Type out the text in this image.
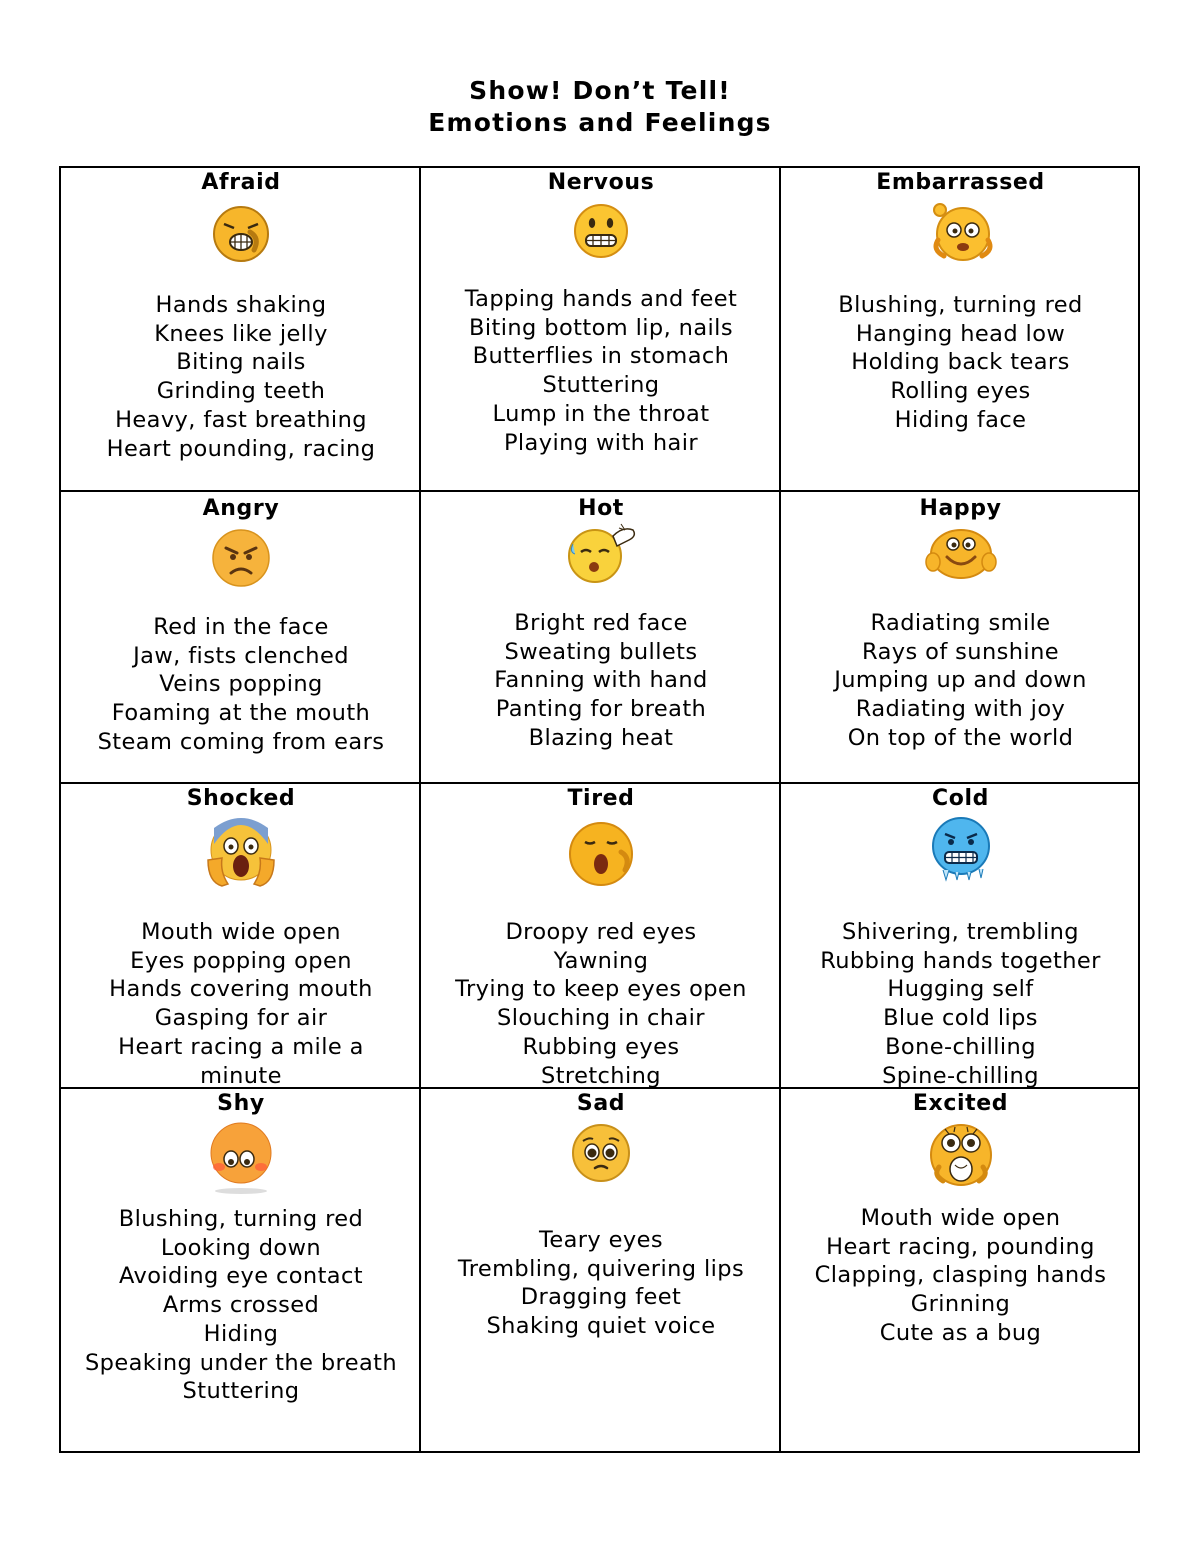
Show! Don’t Tell!
Emotions and Feelings
Afraid
Hands shaking
Knees like jelly
Biting nails
Grinding teeth
Heavy, fast breathing
Heart pounding, racing
Nervous
Tapping hands and feet
Biting bottom lip, nails
Butterflies in stomach
Stuttering
Lump in the throat
Playing with hair
Embarrassed
Blushing, turning red
Hanging head low
Holding back tears
Rolling eyes
Hiding face
Angry
Red in the face
Jaw, fists clenched
Veins popping
Foaming at the mouth
Steam coming from ears
Hot
Bright red face
Sweating bullets
Fanning with hand
Panting for breath
Blazing heat
Happy
Radiating smile
Rays of sunshine
Jumping up and down
Radiating with joy
On top of the world
Shocked
Mouth wide open
Eyes popping open
Hands covering mouth
Gasping for air
Heart racing a mile a minute
Tired
Droopy red eyes
Yawning
Trying to keep eyes open
Slouching in chair
Rubbing eyes
Stretching
Cold
Shivering, trembling
Rubbing hands together
Hugging self
Blue cold lips
Bone-chilling
Spine-chilling
Shy
Blushing, turning red
Looking down
Avoiding eye contact
Arms crossed
Hiding
Speaking under the breath
Stuttering
Sad
Teary eyes
Trembling, quivering lips
Dragging feet
Shaking quiet voice
Excited
Mouth wide open
Heart racing, pounding
Clapping, clasping hands
Grinning
Cute as a bug
